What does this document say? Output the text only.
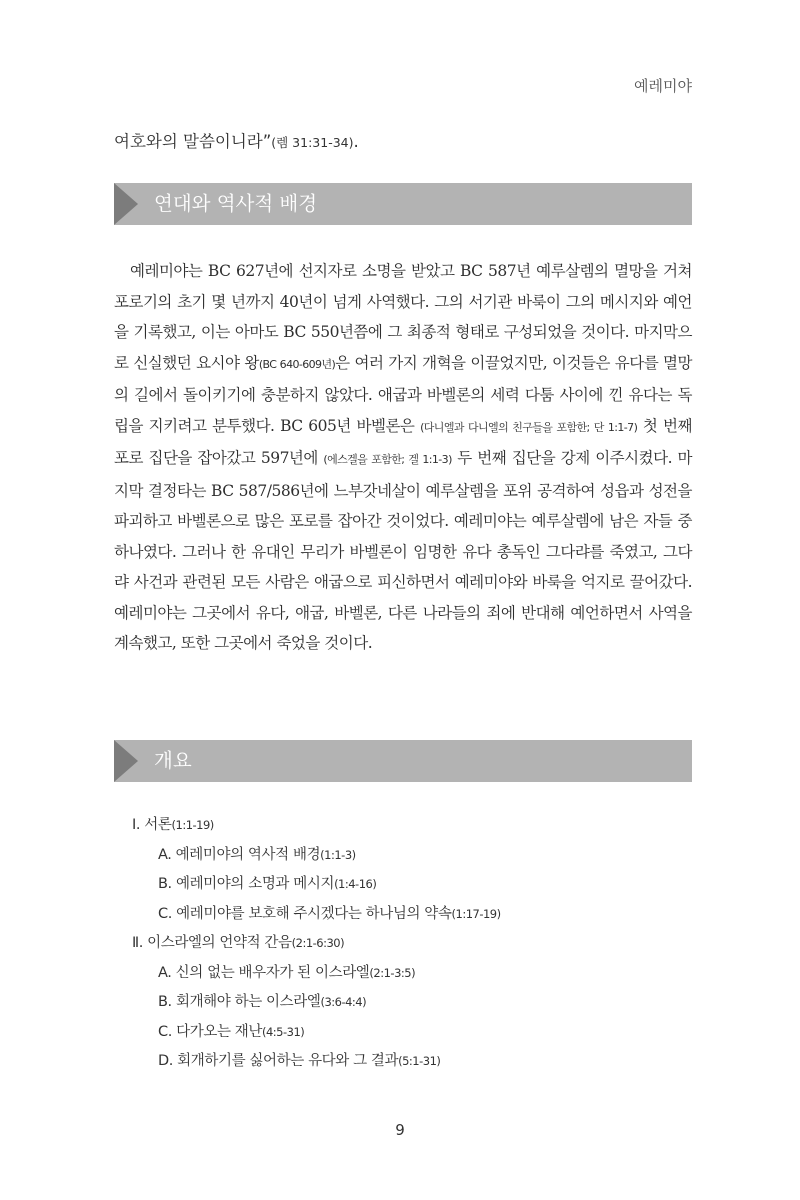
예레미야
여호와의 말씀이니라”(렘 31:31-34).
연대와 역사적 배경

예레미야는 BC 627년에 선지자로 소명을 받았고 BC 587년 예루살렘의 멸망을 거쳐 포로기의 초기 몇 년까지 40년이 넘게 사역했다. 그의 서기관 바룩이 그의 메시지와 예언을 기록했고, 이는 아마도 BC 550년쯤에 그 최종적 형태로 구성되었을 것이다. 마지막으로 신실했던 요시야 왕(BC 640-609년)은 여러 가지 개혁을 이끌었지만, 이것들은 유다를 멸망의 길에서 돌이키기에 충분하지 않았다. 애굽과 바벨론의 세력 다툼 사이에 낀 유다는 독립을 지키려고 분투했다. BC 605년 바벨론은 (다니엘과 다니엘의 친구들을 포함한; 단 1:1-7) 첫 번째 포로 집단을 잡아갔고 597년에 (에스겔을 포함한; 겔 1:1-3) 두 번째 집단을 강제 이주시켰다. 마지막 결정타는 BC 587/586년에 느부갓네살이 예루살렘을 포위 공격하여 성읍과 성전을 파괴하고 바벨론으로 많은 포로를 잡아간 것이었다. 예레미야는 예루살렘에 남은 자들 중 하나였다. 그러나 한 유대인 무리가 바벨론이 임명한 유다 총독인 그다랴를 죽였고, 그다랴 사건과 관련된 모든 사람은 애굽으로 피신하면서 예레미야와 바룩을 억지로 끌어갔다. 예레미야는 그곳에서 유다, 애굽, 바벨론, 다른 나라들의 죄에 반대해 예언하면서 사역을 계속했고, 또한 그곳에서 죽었을 것이다.

개요
Ⅰ. 서론(1:1-19)
A. 예레미야의 역사적 배경(1:1-3)
B. 예레미야의 소명과 메시지(1:4-16)
C. 예레미야를 보호해 주시겠다는 하나님의 약속(1:17-19)
Ⅱ. 이스라엘의 언약적 간음(2:1-6:30)
A. 신의 없는 배우자가 된 이스라엘(2:1-3:5)
B. 회개해야 하는 이스라엘(3:6-4:4)
C. 다가오는 재난(4:5-31)
D. 회개하기를 싫어하는 유다와 그 결과(5:1-31)
9
